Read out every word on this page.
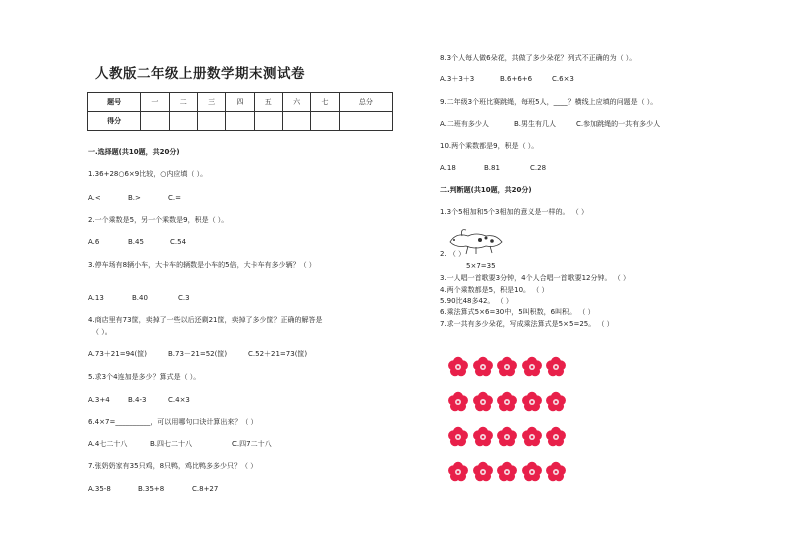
人教版二年级上册数学期末测试卷
题号	一	二	三	四	五	六	七	总分
得分								
一.选择题(共10题，共20分)
1.36+28○6×9比较，○内应填（ ）。
A.<	B.>	C.=
2.一个乘数是5，另一个乘数是9，积是（ ）。
A.6	B.45	C.54
3.停车场有8辆小车，大卡车的辆数是小车的5倍，大卡车有多少辆？（ ）
A.13	B.40	C.3
4.商店里有73筐，卖掉了一些以后还剩21筐，卖掉了多少筐？正确的解答是
（ ）。
A.73＋21=94(筐)	B.73－21=52(筐)	C.52＋21=73(筐)
5.求3个4连加是多少？算式是（ ）。
A.3+4	B.4-3	C.4×3
6.4×7=__________，可以用哪句口诀计算出来？（ ）
A.4七二十八	B.四七二十八	C.四7二十八
7.张奶奶家有35只鸡，8只鸭，鸡比鸭多多少只？（ ）
A.35-8	B.35+8	C.8+27
8.3个人每人做6朵花，共做了多少朵花？列式不正确的为（ ）。
A.3＋3＋3	B.6+6+6	C.6×3
9.二年级3个班比赛跳绳，每班5人，____？横线上应填的问题是（ ）。
A.二班有多少人	B.男生有几人	C.参加跳绳的一共有多少人
10.两个乘数都是9，积是（ ）。
A.18	B.81	C.28
二.判断题(共10题，共20分)
1.3个5相加和5个3相加的意义是一样的。 （ ）
2. （ ）
5×7=35
3.一人唱一首歌要3分钟，4个人合唱一首歌要12分钟。 （ ）
4.两个乘数都是5，积是10。 （ ）
5.90比48多42。 （ ）
6.乘法算式5×6=30中，5叫积数，6叫积。 （ ）
7.求一共有多少朵花，写成乘法算式是5×5=25。 （ ）
